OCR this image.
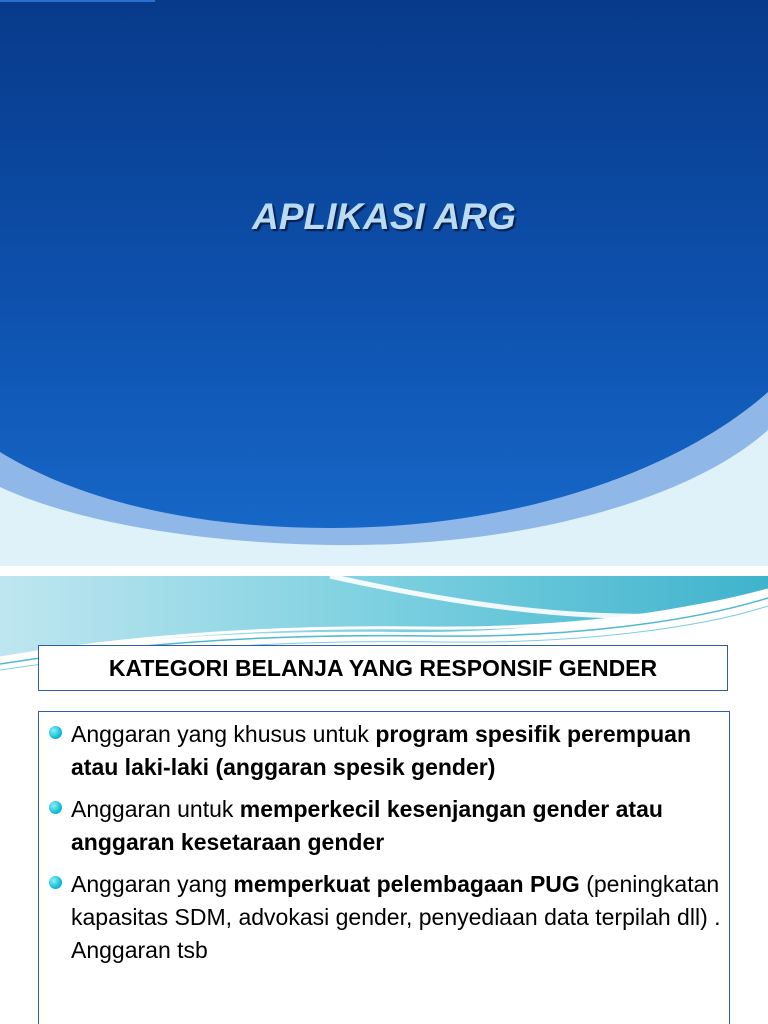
APLIKASI ARG
KATEGORI BELANJA YANG RESPONSIF GENDER
Anggaran yang khusus untuk program spesifik perempuan atau laki-laki (anggaran spesik gender)
Anggaran untuk memperkecil kesenjangan gender atau anggaran kesetaraan gender
Anggaran yang memperkuat pelembagaan PUG (peningkatan kapasitas SDM, advokasi gender, penyediaan data terpilah dll) . Anggaran tsb
